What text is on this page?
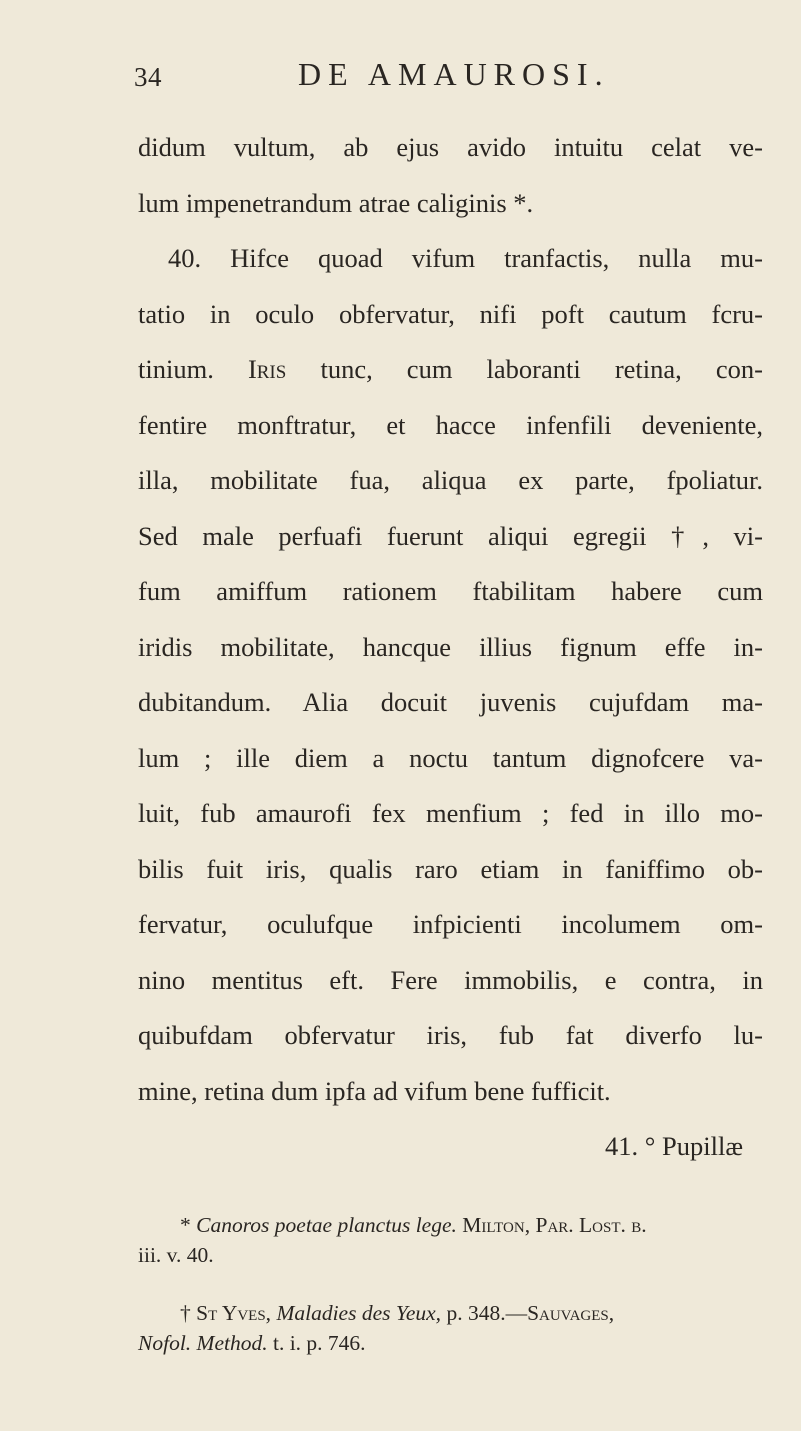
34	DE AMAUROSI.
didum vultum, ab ejus avido intuitu celat ve-
lum impenetrandum atrae caliginis *.
40. Hifce quoad vifum tranfactis, nulla mu-
tatio in oculo obfervatur, nifi poft cautum fcru-
tinium. Iris tunc, cum laboranti retina, con-
fentire monftratur, et hacce infenfili deveniente,
illa, mobilitate fua, aliqua ex parte, fpoliatur.
Sed male perfuafi fuerunt aliqui egregii †, vi-
fum amiffum rationem ftabilitam habere cum
iridis mobilitate, hancque illius fignum effe in-
dubitandum. Alia docuit juvenis cujufdam ma-
lum ; ille diem a noctu tantum dignofcere va-
luit, fub amaurofi fex menfium ; fed in illo mo-
bilis fuit iris, qualis raro etiam in faniffimo ob-
fervatur, oculufque infpicienti incolumem om-
nino mentitus eft. Fere immobilis, e contra, in
quibufdam obfervatur iris, fub fat diverfo lu-
mine, retina dum ipfa ad vifum bene fufficit.
41. ° Pupillæ
* Canoros poetae planctus lege. Milton, Par. Lost. b.
iii. v. 40.
† St Yves, Maladies des Yeux, p. 348.—Sauvages,
Nofol. Method. t. i. p. 746.
